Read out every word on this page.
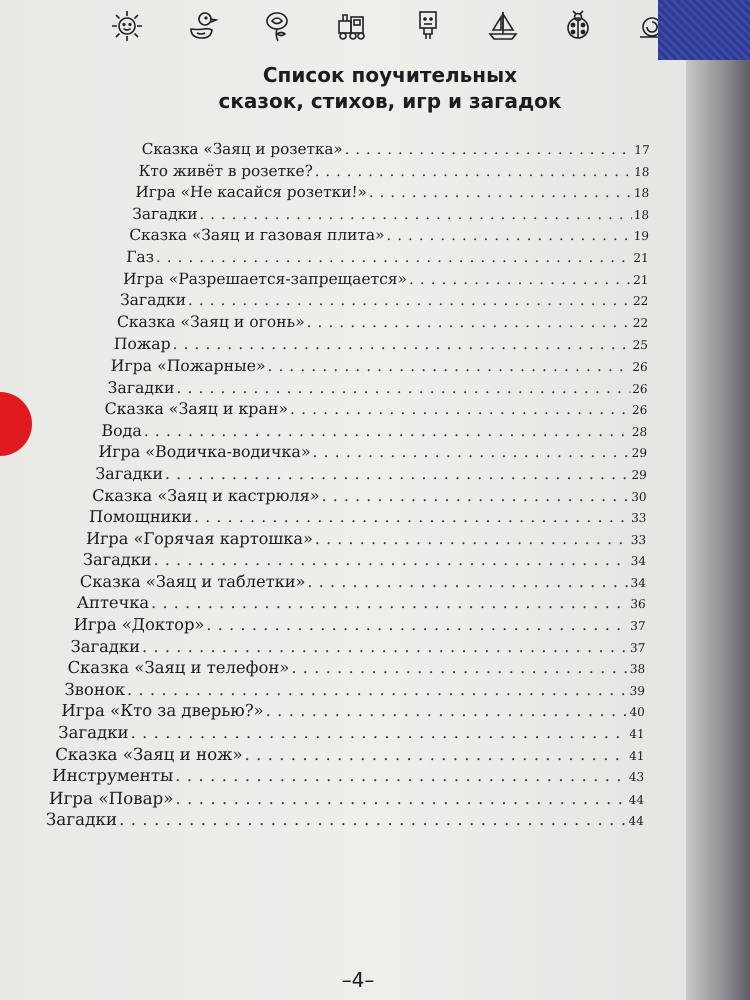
Список поучительных
сказок, стихов, игр и загадок
Сказка «Заяц и розетка» . . .	17
Кто живёт в розетке? . . .	18
Игра «Не касайся розетки!» . . .	18
Загадки . . .	18
Сказка «Заяц и газовая плита» . . .	19
Газ . . .	21
Игра «Разрешается-запрещается» . . .	21
Загадки . . .	22
Сказка «Заяц и огонь» . . .	22
Пожар . . .	25
Игра «Пожарные» . . .	26
Загадки . . .	26
Сказка «Заяц и кран» . . .	26
Вода . . .	28
Игра «Водичка-водичка» . . .	29
Загадки . . .	29
Сказка «Заяц и кастрюля» . . .	30
Помощники . . .	33
Игра «Горячая картошка» . . .	33
Загадки . . .	34
Сказка «Заяц и таблетки» . . .	34
Аптечка . . .	36
Игра «Доктор» . . .	37
Загадки . . .	37
Сказка «Заяц и телефон» . . .	38
Звонок . . .	39
Игра «Кто за дверью?» . . .	40
Загадки . . .	41
Сказка «Заяц и нож» . . .	41
Инструменты . . .	43
Игра «Повар» . . .	44
Загадки . . .	44
–4–
